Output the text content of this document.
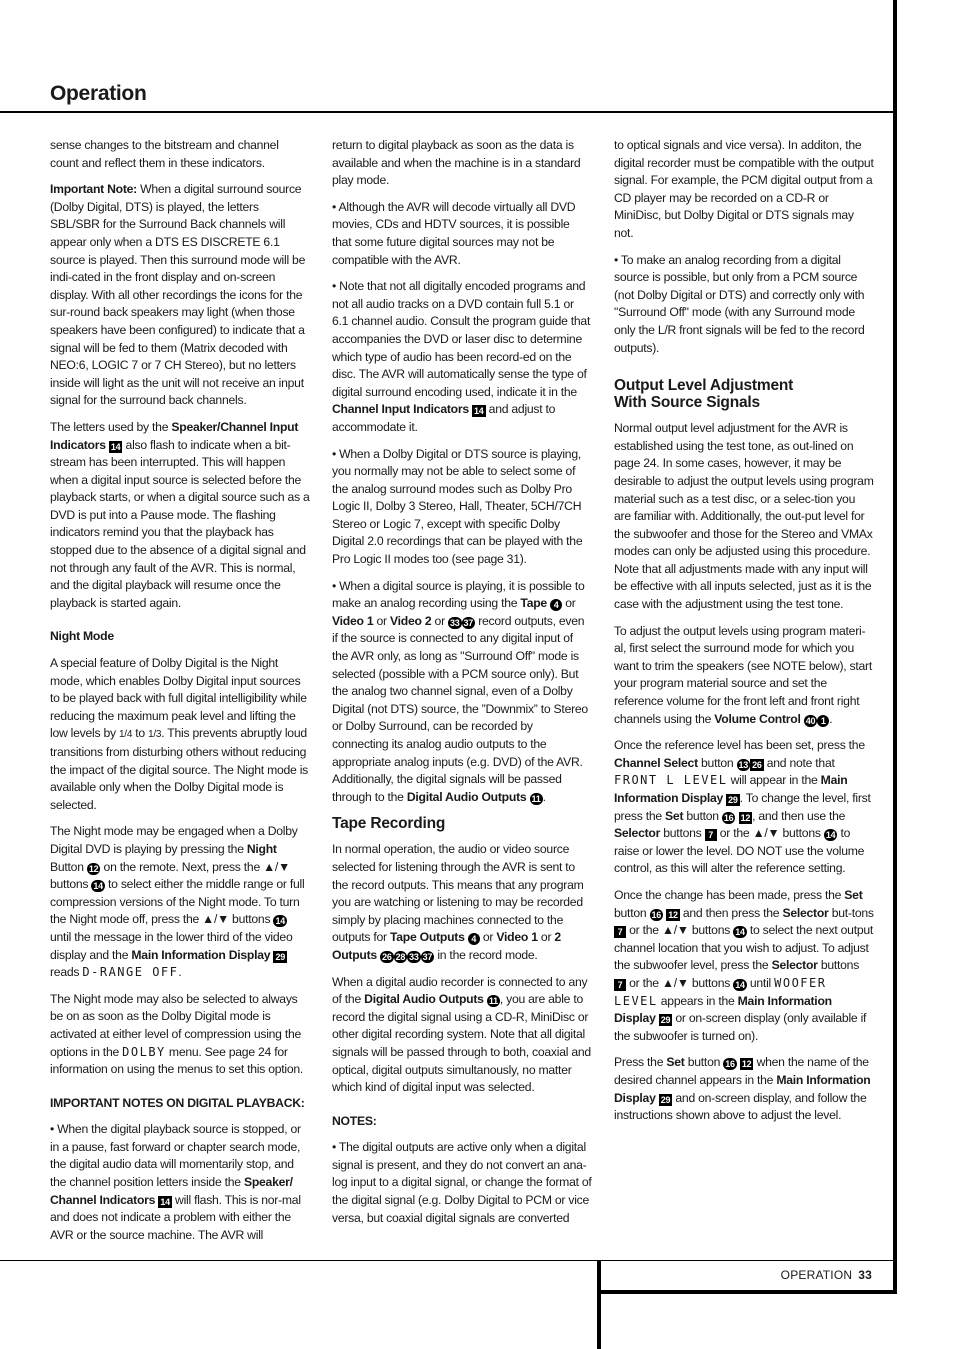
Operation
OPERATION 33

sense changes to the bitstream and channel count and reflect them in these indicators.

Important Note: When a digital surround source (Dolby Digital, DTS) is played, the letters SBL/SBR for the Surround Back channels will appear only when a DTS ES DISCRETE 6.1 source is played. Then this surround mode will be indi-cated in the front display and on-screen display. With all other recordings the icons for the sur-round back speakers may light (when those speakers have been configured) to indicate that a signal will be fed to them (Matrix decoded with NEO:6, LOGIC 7 or 7 CH Stereo), but no letters inside will light as the unit will not receive an input signal for the surround back channels.

The letters used by the Speaker/Channel Input Indicators 14 also flash to indicate when a bit-stream has been interrupted. This will happen when a digital input source is selected before the playback starts, or when a digital source such as a DVD is put into a Pause mode. The flashing indicators remind you that the playback has stopped due to the absence of a digital signal and not through any fault of the AVR. This is normal, and the digital playback will resume once the playback is started again.

Night Mode

A special feature of Dolby Digital is the Night mode, which enables Dolby Digital input sources to be played back with full digital intelligibility while reducing the maximum peak level and lifting the low levels by 1/4 to 1/3. This prevents abruptly loud transitions from disturbing others without reducing the impact of the digital source. The Night mode is available only when the Dolby Digital mode is selected.

The Night mode may be engaged when a Dolby Digital DVD is playing by pressing the Night Button 12 on the remote. Next, press the ▲/▼ buttons 14 to select either the middle range or full compression versions of the Night mode. To turn the Night mode off, press the ▲/▼ buttons 14 until the message in the lower third of the video display and the Main Information Display 29 reads D-RANGE OFF.

The Night mode may also be selected to always be on as soon as the Dolby Digital mode is activated at either level of compression using the options in the DOLBY menu. See page 24 for information on using the menus to set this option.

IMPORTANT NOTES ON DIGITAL PLAYBACK:

• When the digital playback source is stopped, or in a pause, fast forward or chapter search mode, the digital audio data will momentarily stop, and the channel position letters inside the Speaker/ Channel Indicators 14 will flash. This is nor-mal and does not indicate a problem with either the AVR or the source machine. The AVR will

return to digital playback as soon as the data is available and when the machine is in a standard play mode.

• Although the AVR will decode virtually all DVD movies, CDs and HDTV sources, it is possible that some future digital sources may not be compatible with the AVR.

• Note that not all digitally encoded programs and not all audio tracks on a DVD contain full 5.1 or 6.1 channel audio. Consult the program guide that accompanies the DVD or laser disc to determine which type of audio has been record-ed on the disc. The AVR will automatically sense the type of digital surround encoding used, indicate it in the Channel Input Indicators 14 and adjust to accommodate it.

• When a Dolby Digital or DTS source is playing, you normally may not be able to select some of the analog surround modes such as Dolby Pro Logic II, Dolby 3 Stereo, Hall, Theater, 5CH/7CH Stereo or Logic 7, except with specific Dolby Digital 2.0 recordings that can be played with the Pro Logic II modes too (see page 31).

• When a digital source is playing, it is possible to make an analog recording using the Tape 4 or Video 1 or Video 2 or 33 37 record outputs, even if the source is connected to any digital input of the AVR only, as long as "Surround Off" mode is selected (possible with a PCM source only). But the analog two channel signal, even of a Dolby Digital (not DTS) source, the ”Downmix” to Stereo or Dolby Surround, can be recorded by connecting its analog audio outputs to the appropriate analog inputs (e.g. DVD) of the AVR. Additionally, the digital signals will be passed through to the Digital Audio Outputs 11 .

Tape Recording

In normal operation, the audio or video source selected for listening through the AVR is sent to the record outputs. This means that any program you are watching or listening to may be recorded simply by placing machines connected to the outputs for Tape Outputs 4 or Video 1 or 2 Outputs 26 28 33 37 in the record mode.

When a digital audio recorder is connected to any of the Digital Audio Outputs 11 , you are able to record the digital signal using a CD-R, MiniDisc or other digital recording system. Note that all digital signals will be passed through to both, coaxial and optical, digital outputs simultanously, no matter which kind of digital input was selected.

NOTES:

• The digital outputs are active only when a digital signal is present, and they do not convert an ana-log input to a digital signal, or change the format of the digital signal (e.g. Dolby Digital to PCM or vice versa, but coaxial digital signals are converted

to optical signals and vice versa). In additon, the digital recorder must be compatible with the output signal. For example, the PCM digital output from a CD player may be recorded on a CD-R or MiniDisc, but Dolby Digital or DTS signals may not.

• To make an analog recording from a digital source is possible, but only from a PCM source (not Dolby Digital or DTS) and correctly only with "Surround Off" mode (with any Surround mode only the L/R front signals will be fed to the record outputs).

Output Level Adjustment
With Source Signals

Normal output level adjustment for the AVR is established using the test tone, as out-lined on page 24. In some cases, however, it may be desirable to adjust the output levels using program material such as a test disc, or a selec-tion you are familiar with. Additionally, the out-put level for the subwoofer and those for the Stereo and VMAx modes can only be adjusted using this procedure. Note that all adjustments made with any input will be effective with all inputs selected, just as it is the case with the adjustment using the test tone.

To adjust the output levels using program materi-al, first select the surround mode for which you want to trim the speakers (see NOTE below), start your program material source and set the reference volume for the front left and front right channels using the Volume Control 40 1 .

Once the reference level has been set, press the Channel Select button 13 26 and note that FRONT L LEVEL will appear in the Main Information Display 29 . To change the level, first press the Set button 16 12 , and then use the Selector buttons 7 or the ▲/▼ buttons 14 to raise or lower the level. DO NOT use the volume control, as this will alter the reference setting.

Once the change has been made, press the Set button 16 12 and then press the Selector but-tons 7 or the ▲/▼ buttons 14 to select the next output channel location that you wish to adjust. To adjust the subwoofer level, press the Selector buttons 7 or the ▲/▼ buttons 14 until WOOFER LEVEL appears in the Main Information Display 29 or on-screen display (only available if the subwoofer is turned on).

Press the Set button 16 12 when the name of the desired channel appears in the Main Information Display 29 and on-screen display, and follow the instructions shown above to adjust the level.
